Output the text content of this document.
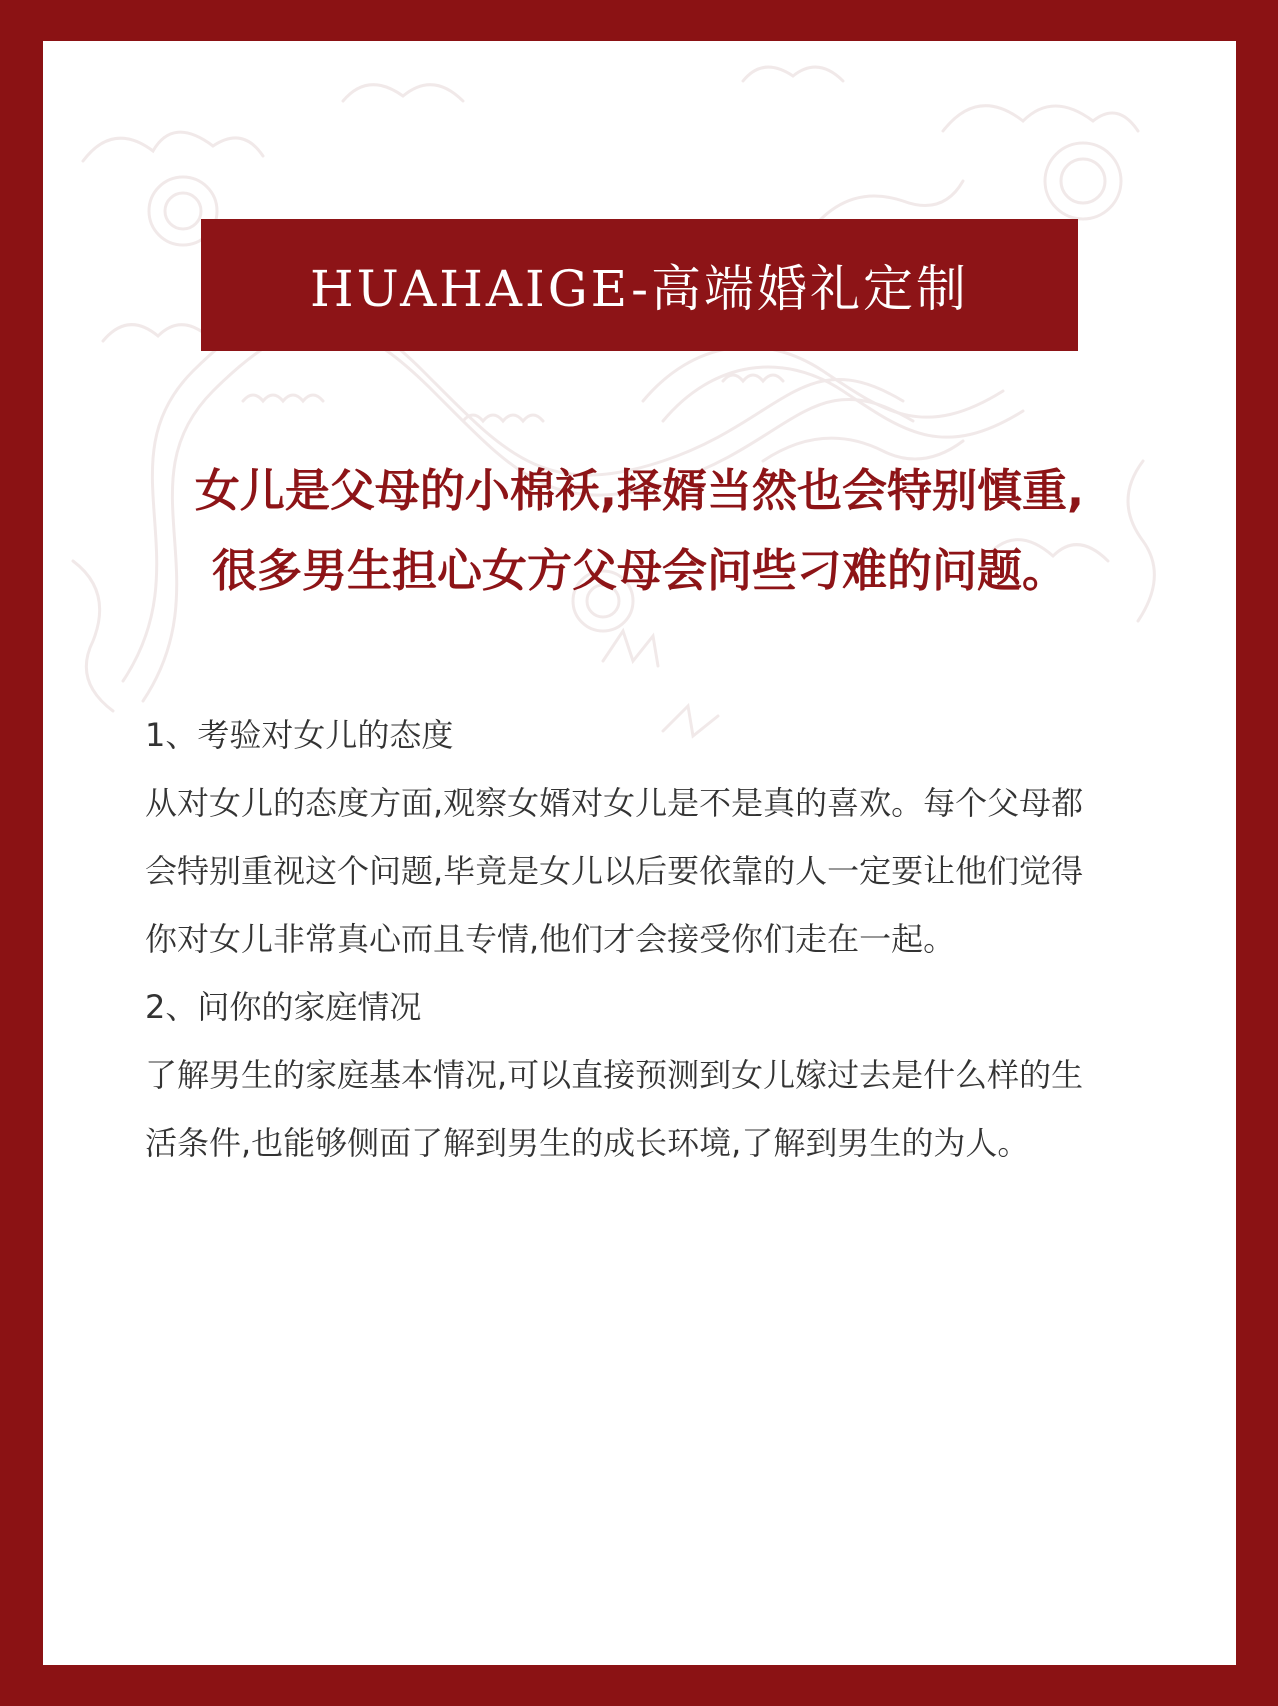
HUAHAIGE-高端婚礼定制
女儿是父母的小棉袄,择婿当然也会特别慎重,
很多男生担心女方父母会问些刁难的问题。
1、考验对女儿的态度
从对女儿的态度方面,观察女婿对女儿是不是真的喜欢。每个父母都
会特别重视这个问题,毕竟是女儿以后要依靠的人一定要让他们觉得
你对女儿非常真心而且专情,他们才会接受你们走在一起。
2、问你的家庭情况
了解男生的家庭基本情况,可以直接预测到女儿嫁过去是什么样的生
活条件,也能够侧面了解到男生的成长环境,了解到男生的为人。
